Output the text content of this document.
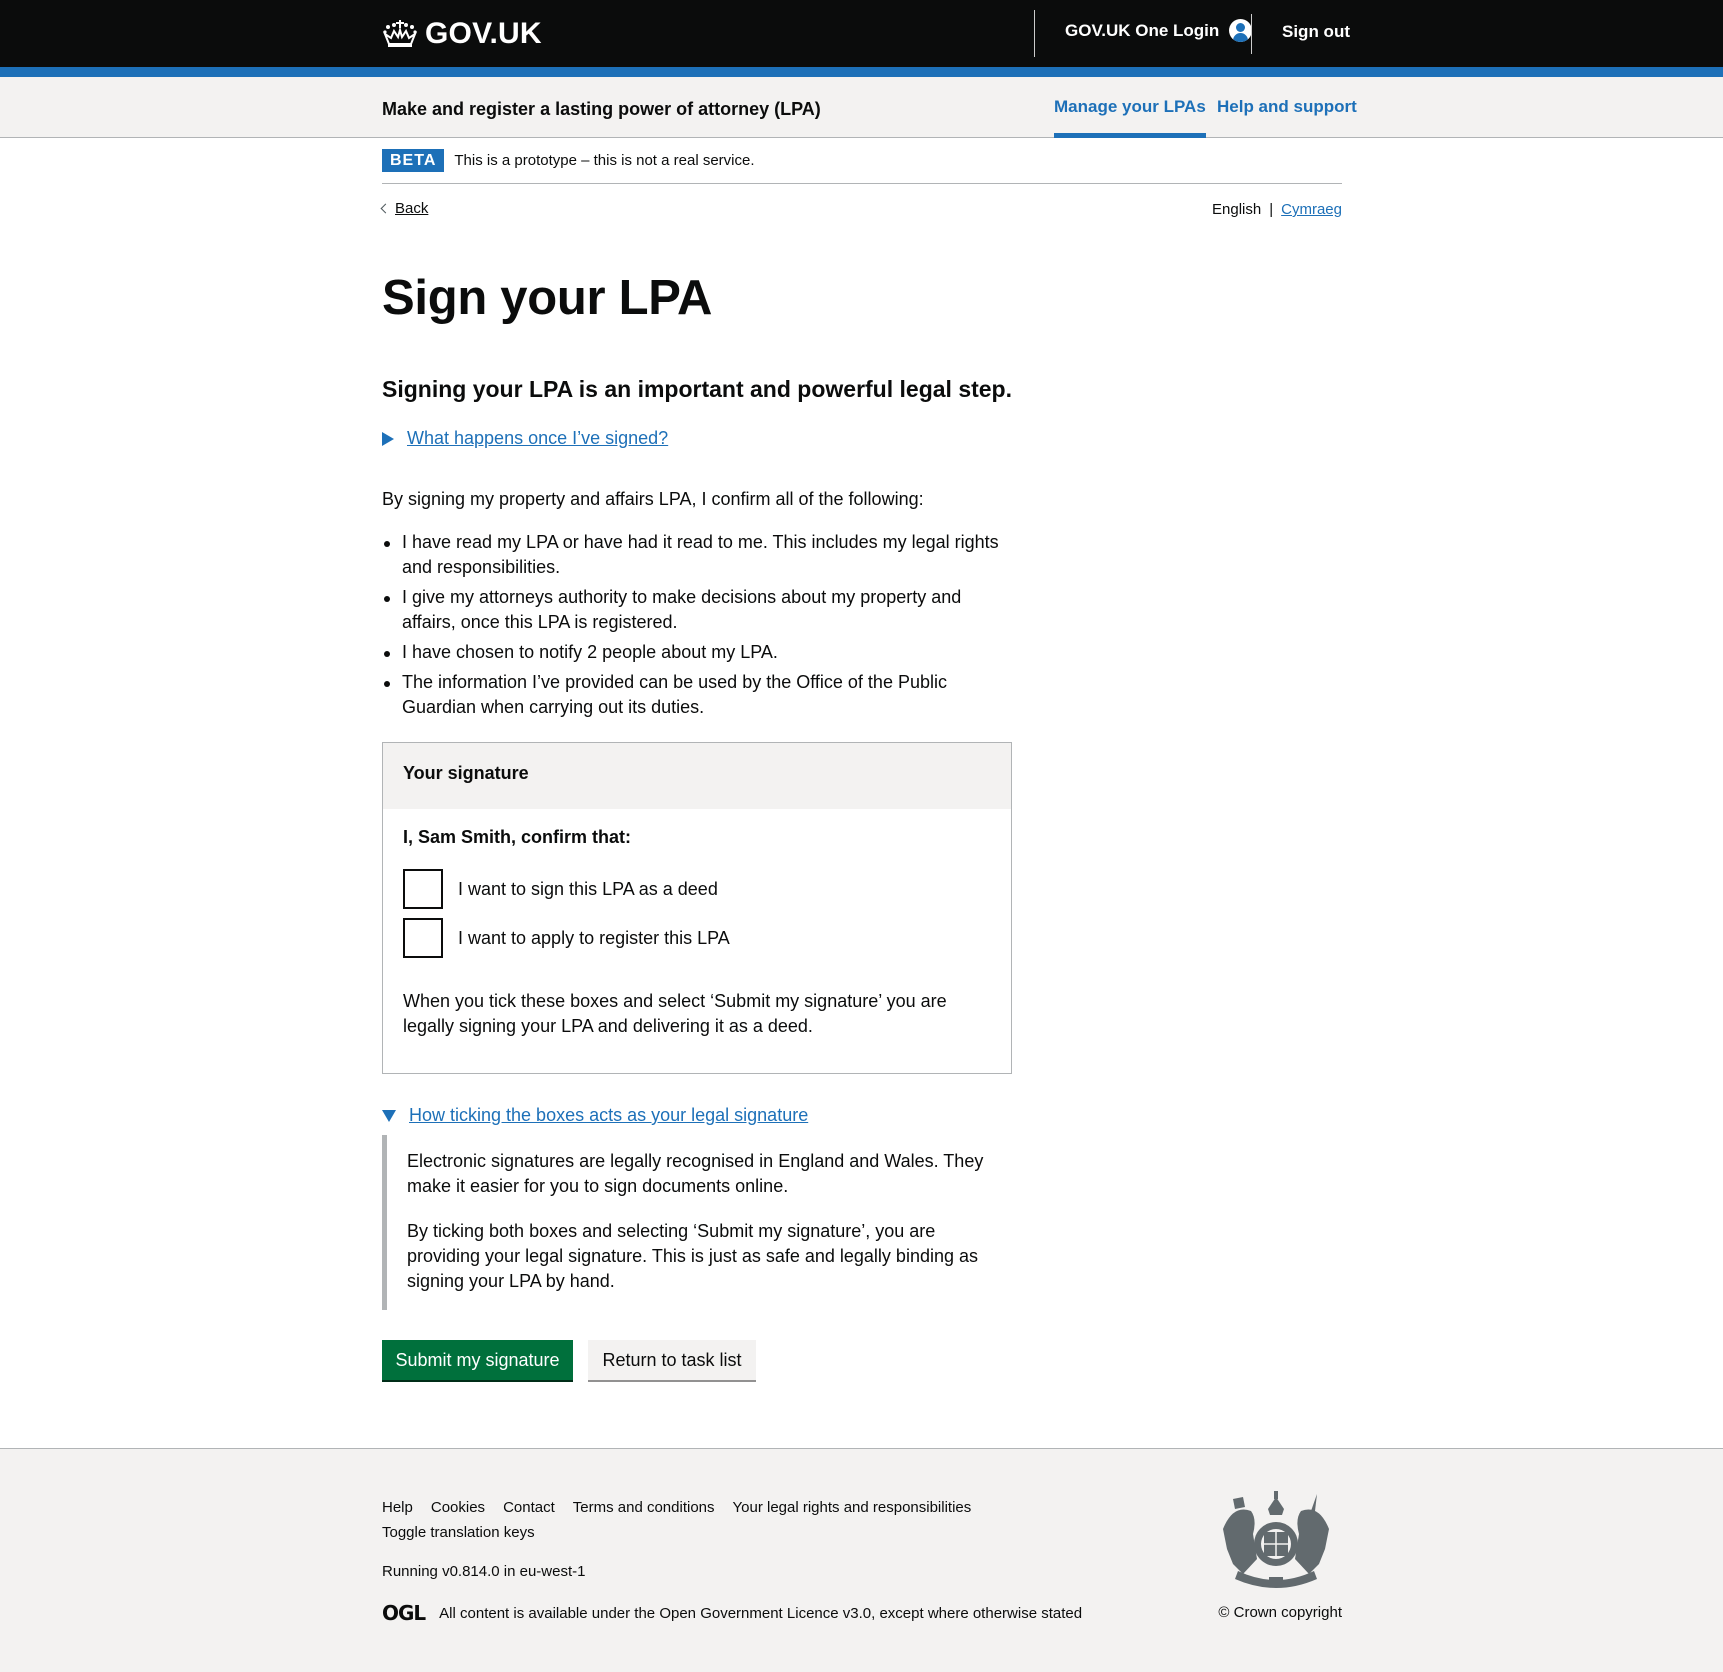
GOV.UK	GOV.UK One Login	Sign out
Make and register a lasting power of attorney (LPA)	Manage your LPAs Help and support
BETA	This is a prototype – this is not a real service.
Back	English | Cymraeg
Sign your LPA
Signing your LPA is an important and powerful legal step.
What happens once I’ve signed?

By signing my property and affairs LPA, I confirm all of the following:

I have read my LPA or have had it read to me. This includes my legal rights and responsibilities.
I give my attorneys authority to make decisions about my property and affairs, once this LPA is registered.
I have chosen to notify 2 people about my LPA.
The information I’ve provided can be used by the Office of the Public Guardian when carrying out its duties.
Your signature
I, Sam Smith, confirm that:
I want to sign this LPA as a deed
I want to apply to register this LPA

When you tick these boxes and select ‘Submit my signature’ you are legally signing your LPA and delivering it as a deed.

How ticking the boxes acts as your legal signature

Electronic signatures are legally recognised in England and Wales. They make it easier for you to sign documents online.

By ticking both boxes and selecting ‘Submit my signature’, you are providing your legal signature. This is just as safe and legally binding as signing your LPA by hand.

Submit my signature	Return to task list
Help Cookies Contact Terms and conditions Your legal rights and responsibilities
Toggle translation keys
Running v0.814.0 in eu-west-1
OGL All content is available under the
Open Government Licence v3.0 , except where otherwise stated	© Crown copyright
